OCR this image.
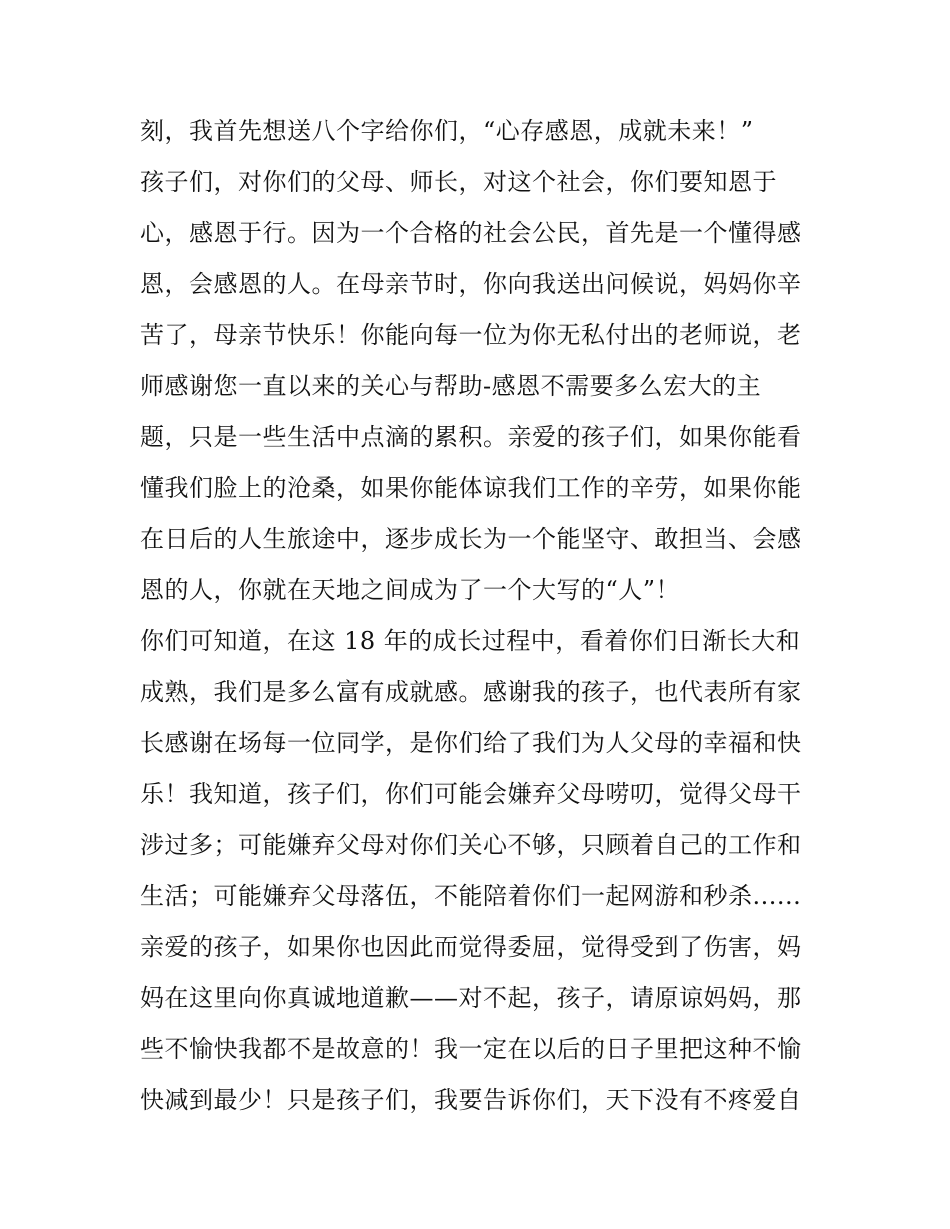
刻，我首先想送八个字给你们，“心存感恩，成就未来！”

孩子们，对你们的父母、师长，对这个社会，你们要知恩于

心，感恩于行。因为一个合格的社会公民，首先是一个懂得感

恩，会感恩的人。在母亲节时，你向我送出问候说，妈妈你辛

苦了，母亲节快乐！你能向每一位为你无私付出的老师说，老

师感谢您一直以来的关心与帮助-感恩不需要多么宏大的主

题，只是一些生活中点滴的累积。亲爱的孩子们，如果你能看

懂我们脸上的沧桑，如果你能体谅我们工作的辛劳，如果你能

在日后的人生旅途中，逐步成长为一个能坚守、敢担当、会感

恩的人，你就在天地之间成为了一个大写的“人”！

你们可知道，在这 18 年的成长过程中，看着你们日渐长大和

成熟，我们是多么富有成就感。感谢我的孩子，也代表所有家

长感谢在场每一位同学，是你们给了我们为人父母的幸福和快

乐！我知道，孩子们，你们可能会嫌弃父母唠叨，觉得父母干

涉过多；可能嫌弃父母对你们关心不够，只顾着自己的工作和

生活；可能嫌弃父母落伍，不能陪着你们一起网游和秒杀......

亲爱的孩子，如果你也因此而觉得委屈，觉得受到了伤害，妈

妈在这里向你真诚地道歉——对不起，孩子，请原谅妈妈，那

些不愉快我都不是故意的！我一定在以后的日子里把这种不愉

快减到最少！只是孩子们，我要告诉你们，天下没有不疼爱自
